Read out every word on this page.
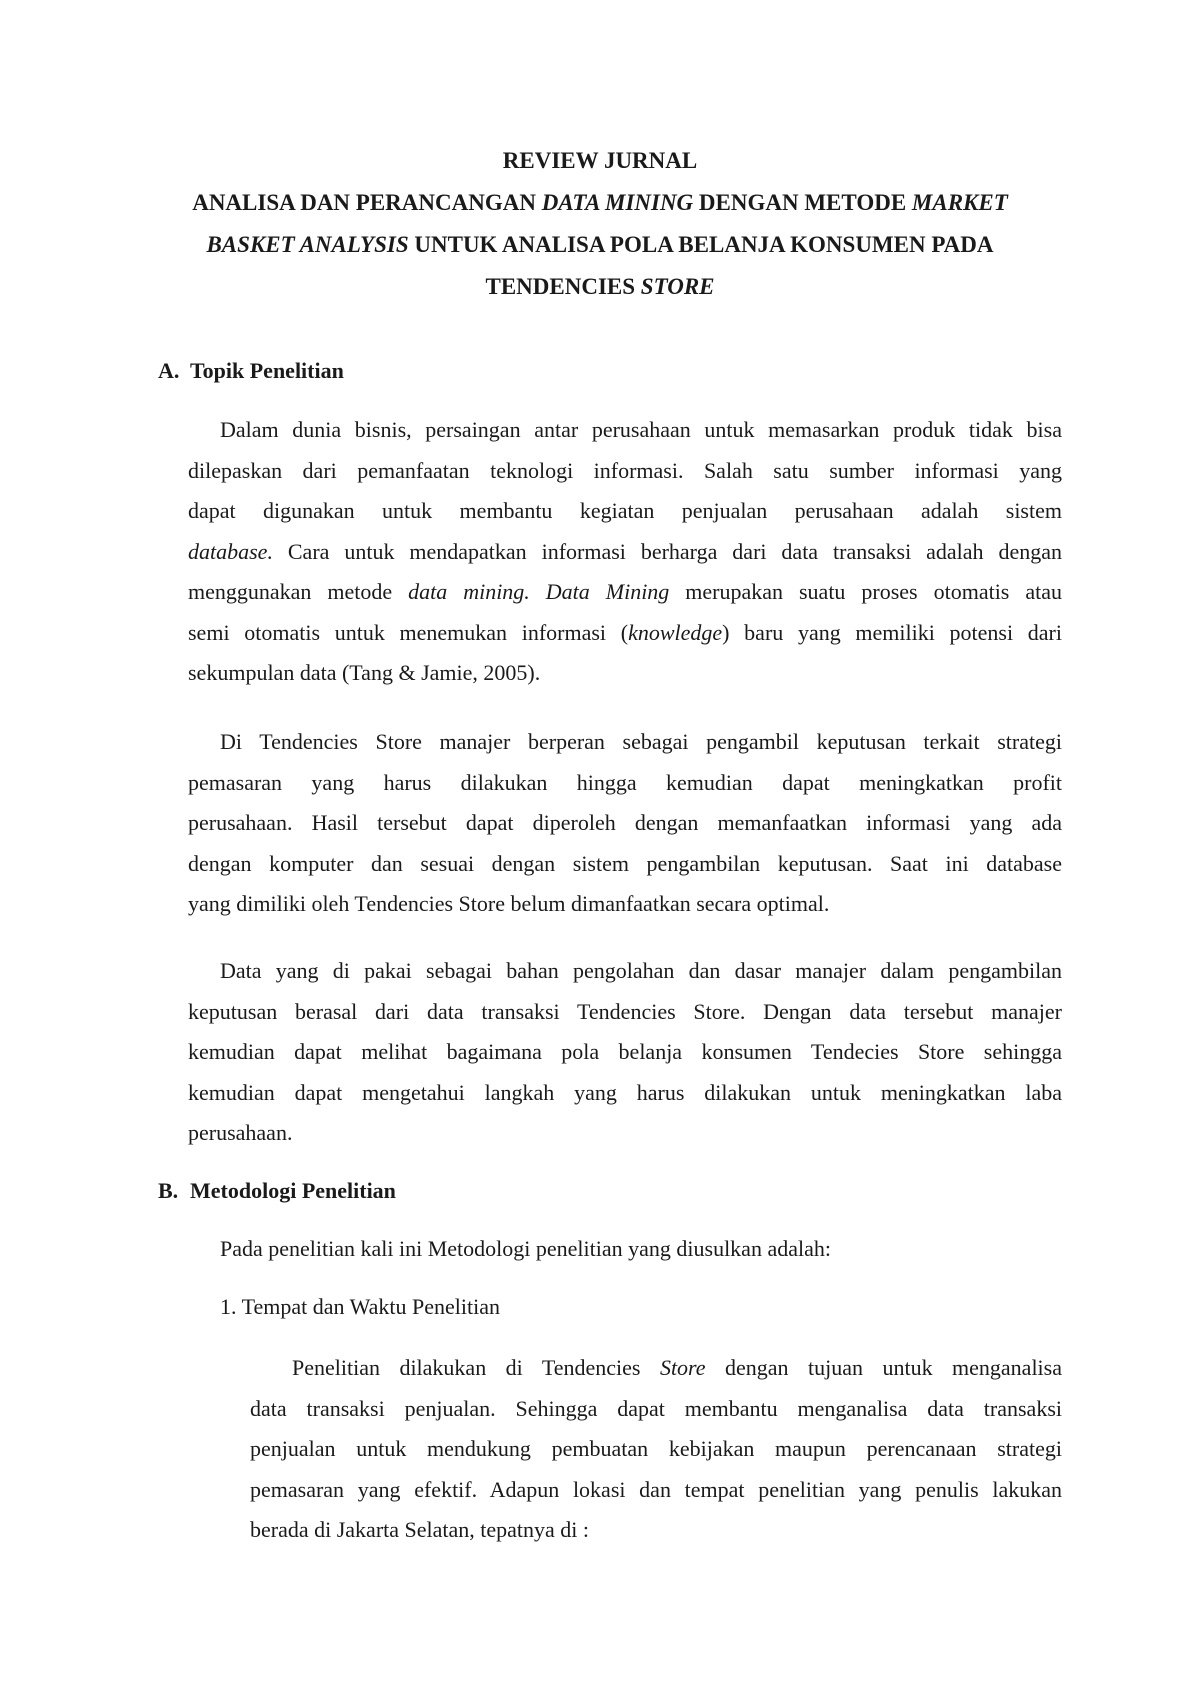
REVIEW JURNAL
ANALISA DAN PERANCANGAN DATA MINING DENGAN METODE MARKET
BASKET ANALYSIS UNTUK ANALISA POLA BELANJA KONSUMEN PADA
TENDENCIES STORE
A. Topik Penelitian
Dalam dunia bisnis, persaingan antar perusahaan untuk memasarkan produk tidak bisa
dilepaskan dari pemanfaatan teknologi informasi. Salah satu sumber informasi yang
dapat digunakan untuk membantu kegiatan penjualan perusahaan adalah sistem
database. Cara untuk mendapatkan informasi berharga dari data transaksi adalah dengan
menggunakan metode data mining. Data Mining merupakan suatu proses otomatis atau
semi otomatis untuk menemukan informasi (knowledge) baru yang memiliki potensi dari
sekumpulan data (Tang & Jamie, 2005).
Di Tendencies Store manajer berperan sebagai pengambil keputusan terkait strategi
pemasaran yang harus dilakukan hingga kemudian dapat meningkatkan profit
perusahaan. Hasil tersebut dapat diperoleh dengan memanfaatkan informasi yang ada
dengan komputer dan sesuai dengan sistem pengambilan keputusan. Saat ini database
yang dimiliki oleh Tendencies Store belum dimanfaatkan secara optimal.
Data yang di pakai sebagai bahan pengolahan dan dasar manajer dalam pengambilan
keputusan berasal dari data transaksi Tendencies Store. Dengan data tersebut manajer
kemudian dapat melihat bagaimana pola belanja konsumen Tendecies Store sehingga
kemudian dapat mengetahui langkah yang harus dilakukan untuk meningkatkan laba
perusahaan.
B. Metodologi Penelitian
Pada penelitian kali ini Metodologi penelitian yang diusulkan adalah:
1. Tempat dan Waktu Penelitian
Penelitian dilakukan di Tendencies Store dengan tujuan untuk menganalisa
data transaksi penjualan. Sehingga dapat membantu menganalisa data transaksi
penjualan untuk mendukung pembuatan kebijakan maupun perencanaan strategi
pemasaran yang efektif. Adapun lokasi dan tempat penelitian yang penulis lakukan
berada di Jakarta Selatan, tepatnya di :
